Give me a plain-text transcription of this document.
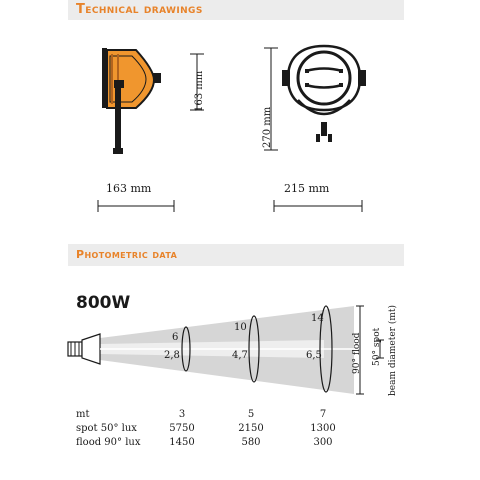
Technical drawings
163 mm
270 mm
163 mm	215 mm
Photometric data
800W
6
10
14
2,8	4,7	6,5	90° flood 50° spot beam diameter (mt)
mt	3	5	7
spot 50° lux	5750	2150	1300
flood 90° lux	1450	580	300
